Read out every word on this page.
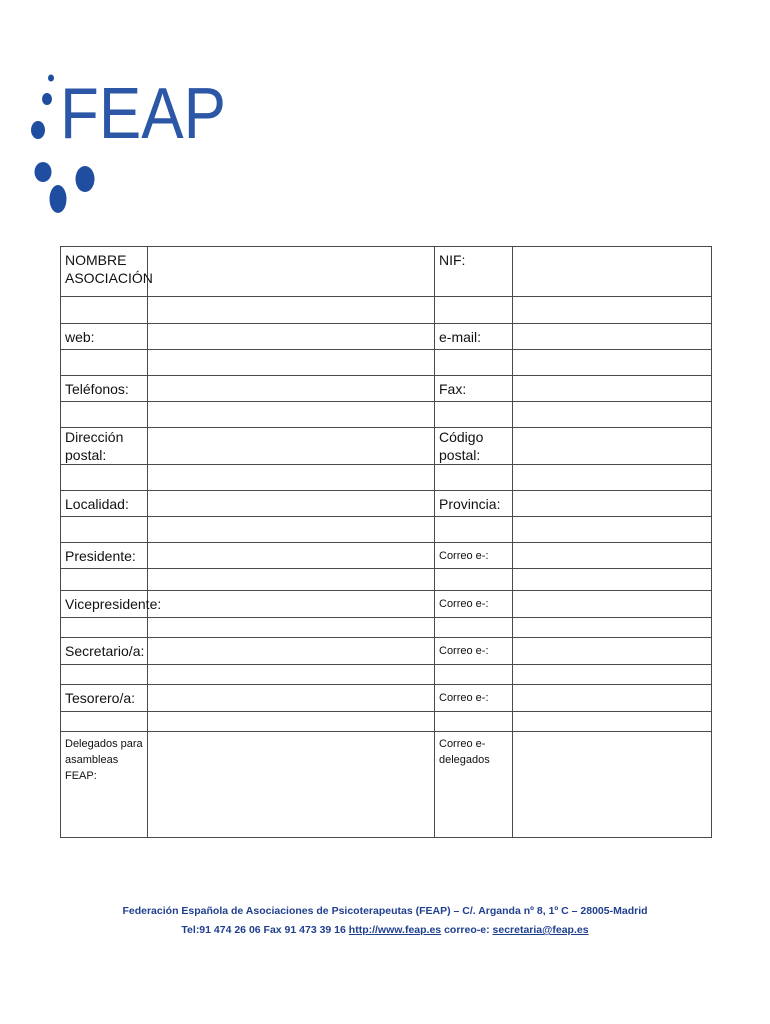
FEAP
NOMBRE ASOCIACIÓN		NIF:	

web:		e-mail:	

Teléfonos:		Fax:	

Dirección postal:		Código postal:	

Localidad:		Provincia:	

Presidente:		Correo e-:	

Vicepresidente:		Correo e-:	

Secretario/a:		Correo e-:	

Tesorero/a:		Correo e-:	

Delegados para asambleas FEAP:		Correo e-delegados	
Federación Española de Asociaciones de Psicoterapeutas (FEAP) – C/. Arganda nº 8, 1º C – 28005-Madrid
Tel:91 474 26 06 Fax 91 473 39 16 http://www.feap.es correo-e: secretaria@feap.es
